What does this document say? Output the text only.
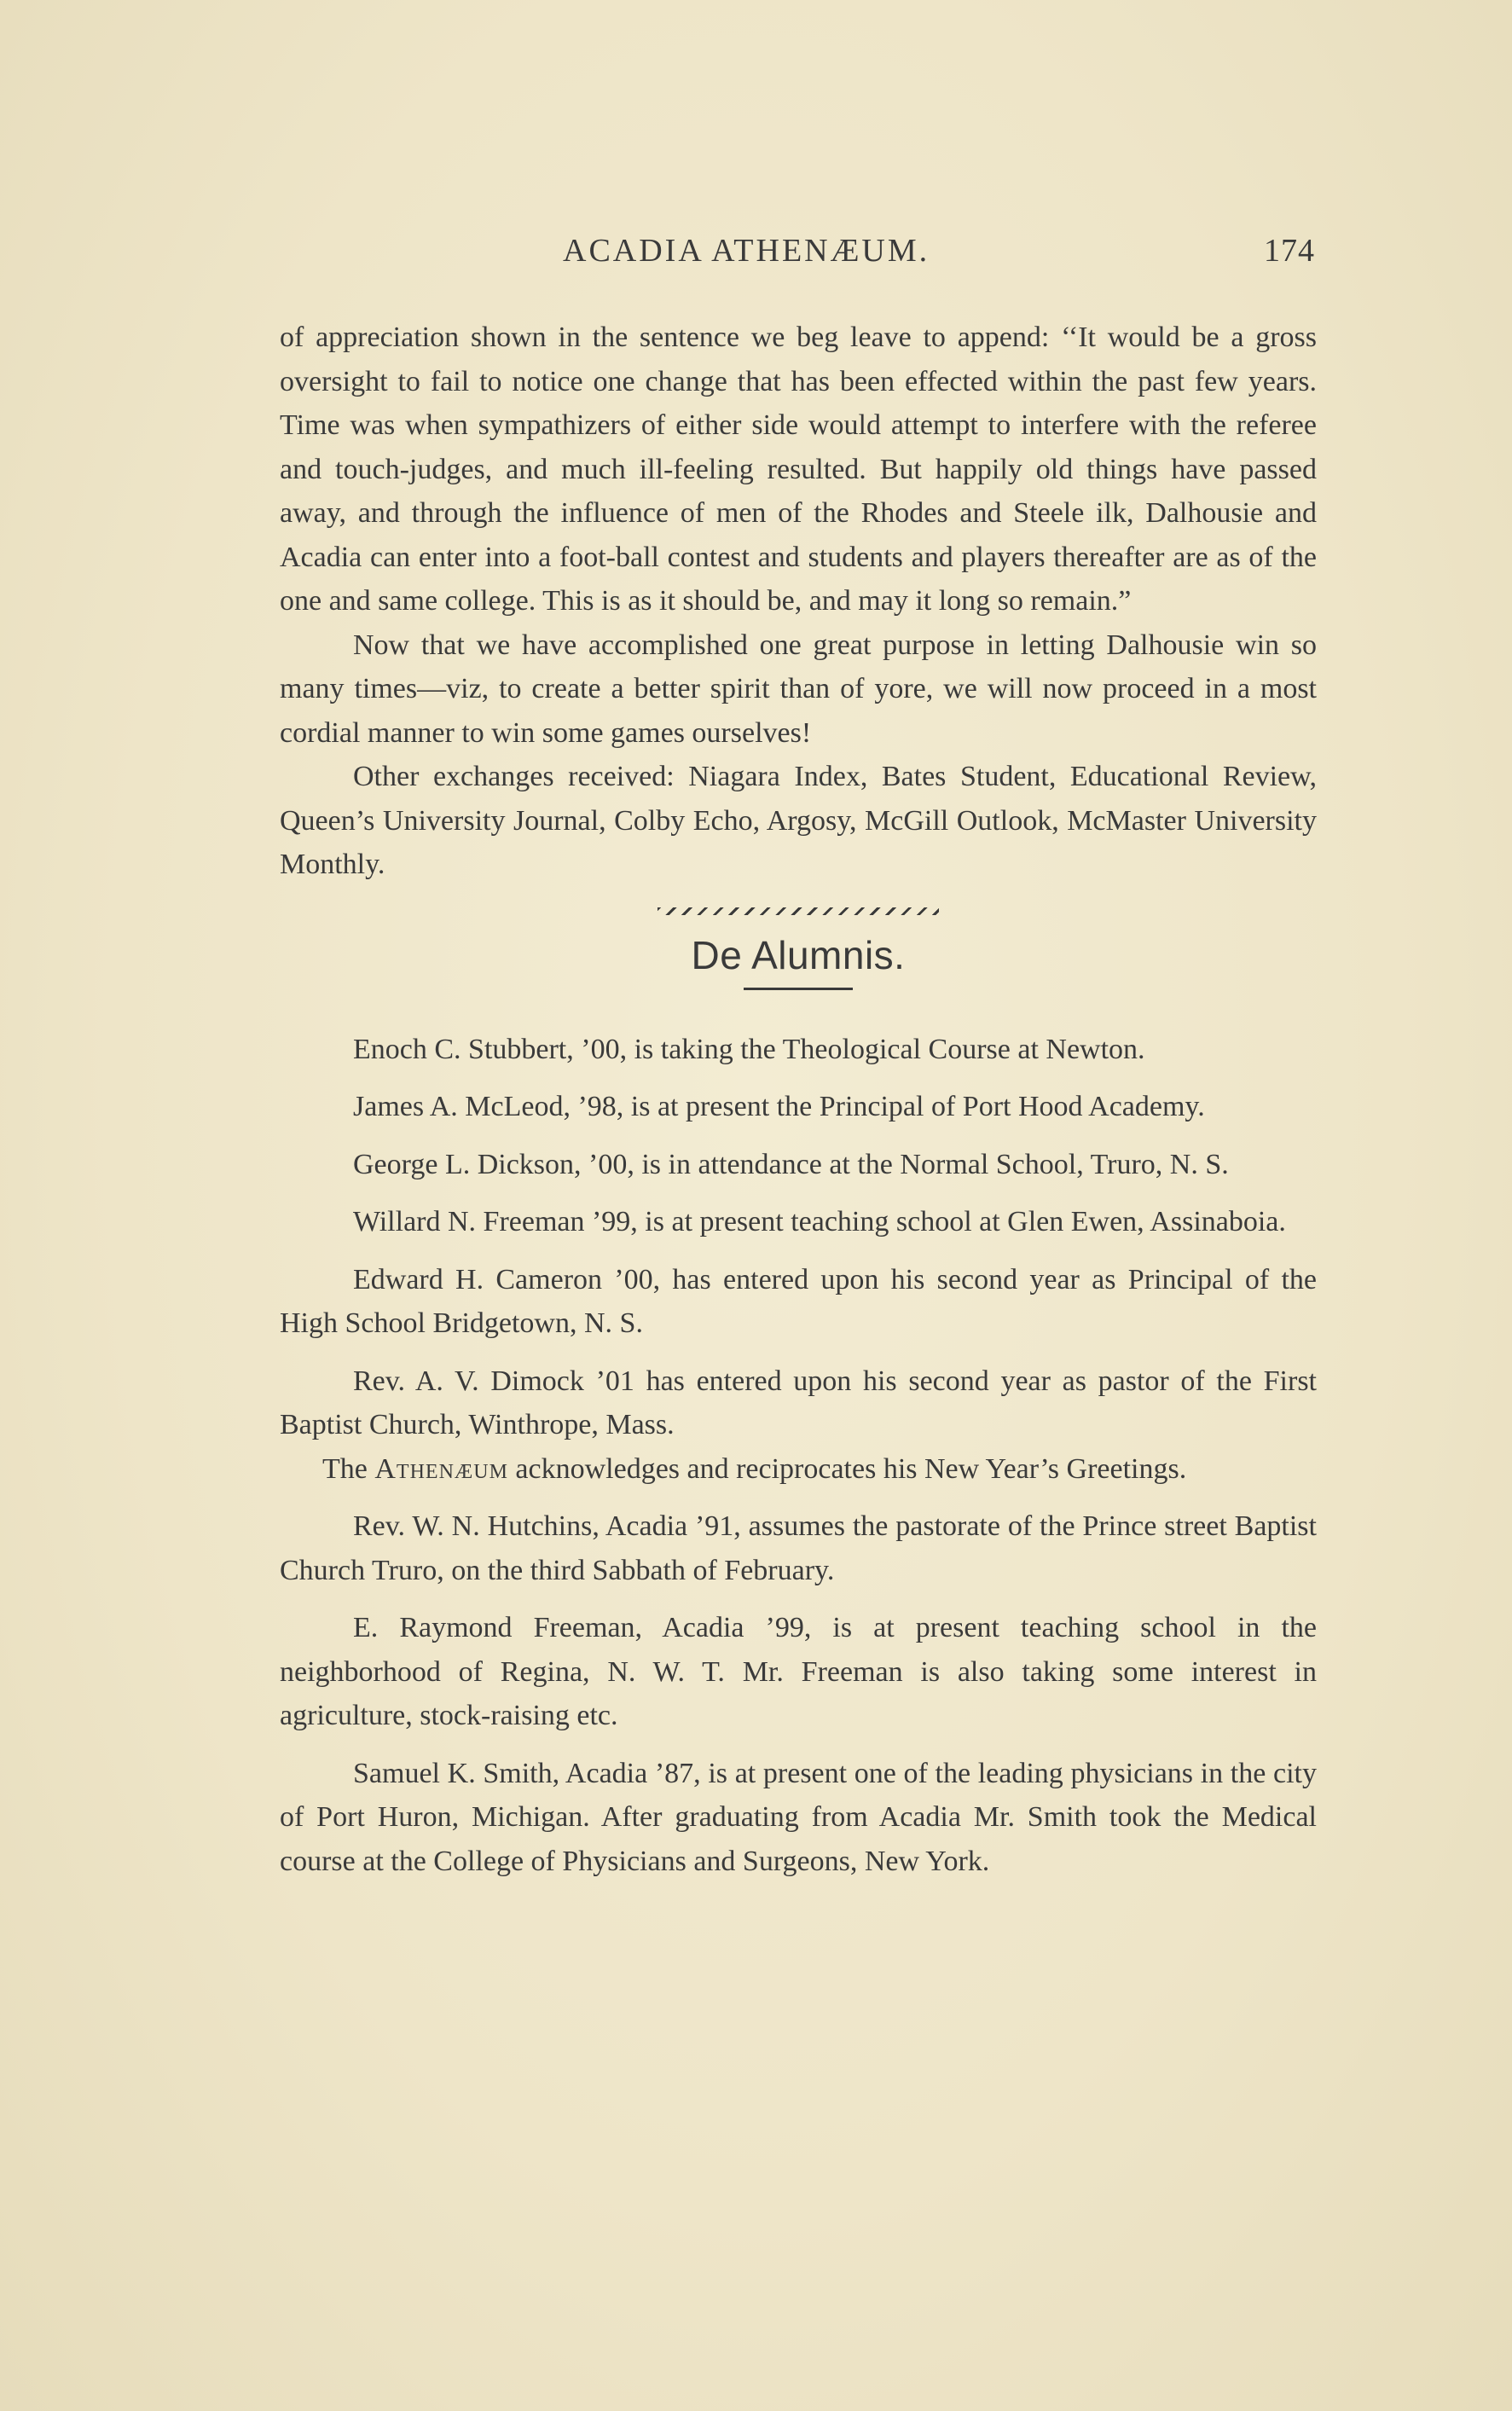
ACADIA ATHENÆUM.	174

of appreciation shown in the sentence we beg leave to append: ‘‘It would be a gross oversight to fail to notice one change that has been effected within the past few years. Time was when sympathizers of either side would attempt to interfere with the referee and touch-judges, and much ill-feeling resulted. But happily old things have passed away, and through the influence of men of the Rhodes and Steele ilk, Dalhousie and Acadia can enter into a foot-ball contest and students and players thereafter are as of the one and same college. This is as it should be, and may it long so remain.”

Now that we have accomplished one great purpose in letting Dalhousie win so many times—viz, to create a better spirit than of yore, we will now proceed in a most cordial manner to win some games ourselves!

Other exchanges received: Niagara Index, Bates Student, Educational Review, Queen’s University Journal, Colby Echo, Argosy, McGill Outlook, McMaster University Monthly.

De Alumnis.

Enoch C. Stubbert, ’00, is taking the Theological Course at Newton.

James A. McLeod, ’98, is at present the Principal of Port Hood Academy.

George L. Dickson, ’00, is in attendance at the Normal School, Truro, N. S.

Willard N. Freeman ’99, is at present teaching school at Glen Ewen, Assinaboia.

Edward H. Cameron ’00, has entered upon his second year as Principal of the High School Bridgetown, N. S.

Rev. A. V. Dimock ’01 has entered upon his second year as pastor of the First Baptist Church, Winthrope, Mass.

The Athenæum acknowledges and reciprocates his New Year’s Greetings.

Rev. W. N. Hutchins, Acadia ’91, assumes the pastorate of the Prince street Baptist Church Truro, on the third Sabbath of February.

E. Raymond Freeman, Acadia ’99, is at present teaching school in the neighborhood of Regina, N. W. T. Mr. Freeman is also taking some interest in agriculture, stock-raising etc.

Samuel K. Smith, Acadia ’87, is at present one of the leading physicians in the city of Port Huron, Michigan. After graduating from Acadia Mr. Smith took the Medical course at the College of Physicians and Surgeons, New York.
